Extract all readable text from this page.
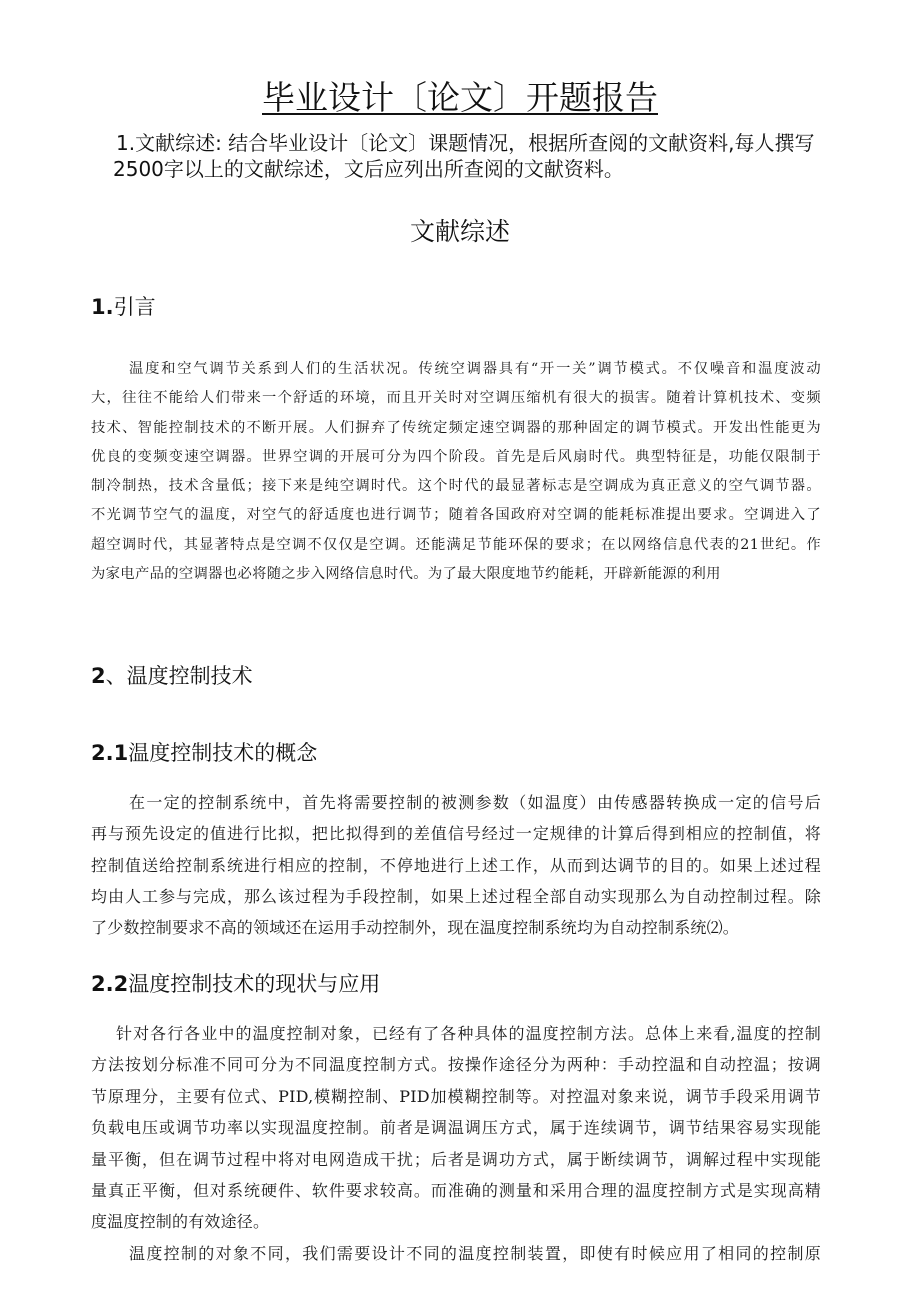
毕业设计〔论文〕开题报告
1.文献综述: 结合毕业设计〔论文〕课题情况，根据所查阅的文献资料,每人撰写
2500字以上的文献综述，文后应列出所查阅的文献资料。
文献综述
1.引言
温度和空气调节关系到人们的生活状况。传统空调器具有“开一关”调节模式。不仅噪音和温度波动
大，往往不能给人们带来一个舒适的环境，而且开关时对空调压缩机有很大的损害。随着计算机技术、变频
技术、智能控制技术的不断开展。人们摒弃了传统定频定速空调器的那种固定的调节模式。开发出性能更为
优良的变频变速空调器。世界空调的开展可分为四个阶段。首先是后风扇时代。典型特征是，功能仅限制于
制冷制热，技术含量低；接下来是纯空调时代。这个时代的最显著标志是空调成为真正意义的空气调节器。
不光调节空气的温度，对空气的舒适度也进行调节；随着各国政府对空调的能耗标准提出要求。空调进入了
超空调时代，其显著特点是空调不仅仅是空调。还能满足节能环保的要求；在以网络信息代表的21世纪。作
为家电产品的空调器也必将随之步入网络信息时代。为了最大限度地节约能耗，开辟新能源的利用
2、温度控制技术
2.1温度控制技术的概念
在一定的控制系统中，首先将需要控制的被测参数（如温度）由传感器转换成一定的信号后
再与预先设定的值进行比拟，把比拟得到的差值信号经过一定规律的计算后得到相应的控制值，将
控制值送给控制系统进行相应的控制，不停地进行上述工作，从而到达调节的目的。如果上述过程
均由人工参与完成，那么该过程为手段控制，如果上述过程全部自动实现那么为自动控制过程。除
了少数控制要求不高的领域还在运用手动控制外，现在温度控制系统均为自动控制系统⑵。
2.2温度控制技术的现状与应用
针对各行各业中的温度控制对象，已经有了各种具体的温度控制方法。总体上来看,温度的控制
方法按划分标准不同可分为不同温度控制方式。按操作途径分为两种：手动控温和自动控温；按调
节原理分，主要有位式、PID,模糊控制、PID加模糊控制等。对控温对象来说，调节手段采用调节
负载电压或调节功率以实现温度控制。前者是调温调压方式，属于连续调节，调节结果容易实现能
量平衡，但在调节过程中将对电网造成干扰；后者是调功方式，属于断续调节，调解过程中实现能
量真正平衡，但对系统硬件、软件要求较高。而准确的测量和采用合理的温度控制方式是实现高精
度温度控制的有效途径。
温度控制的对象不同，我们需要设计不同的温度控制装置，即使有时候应用了相同的控制原
